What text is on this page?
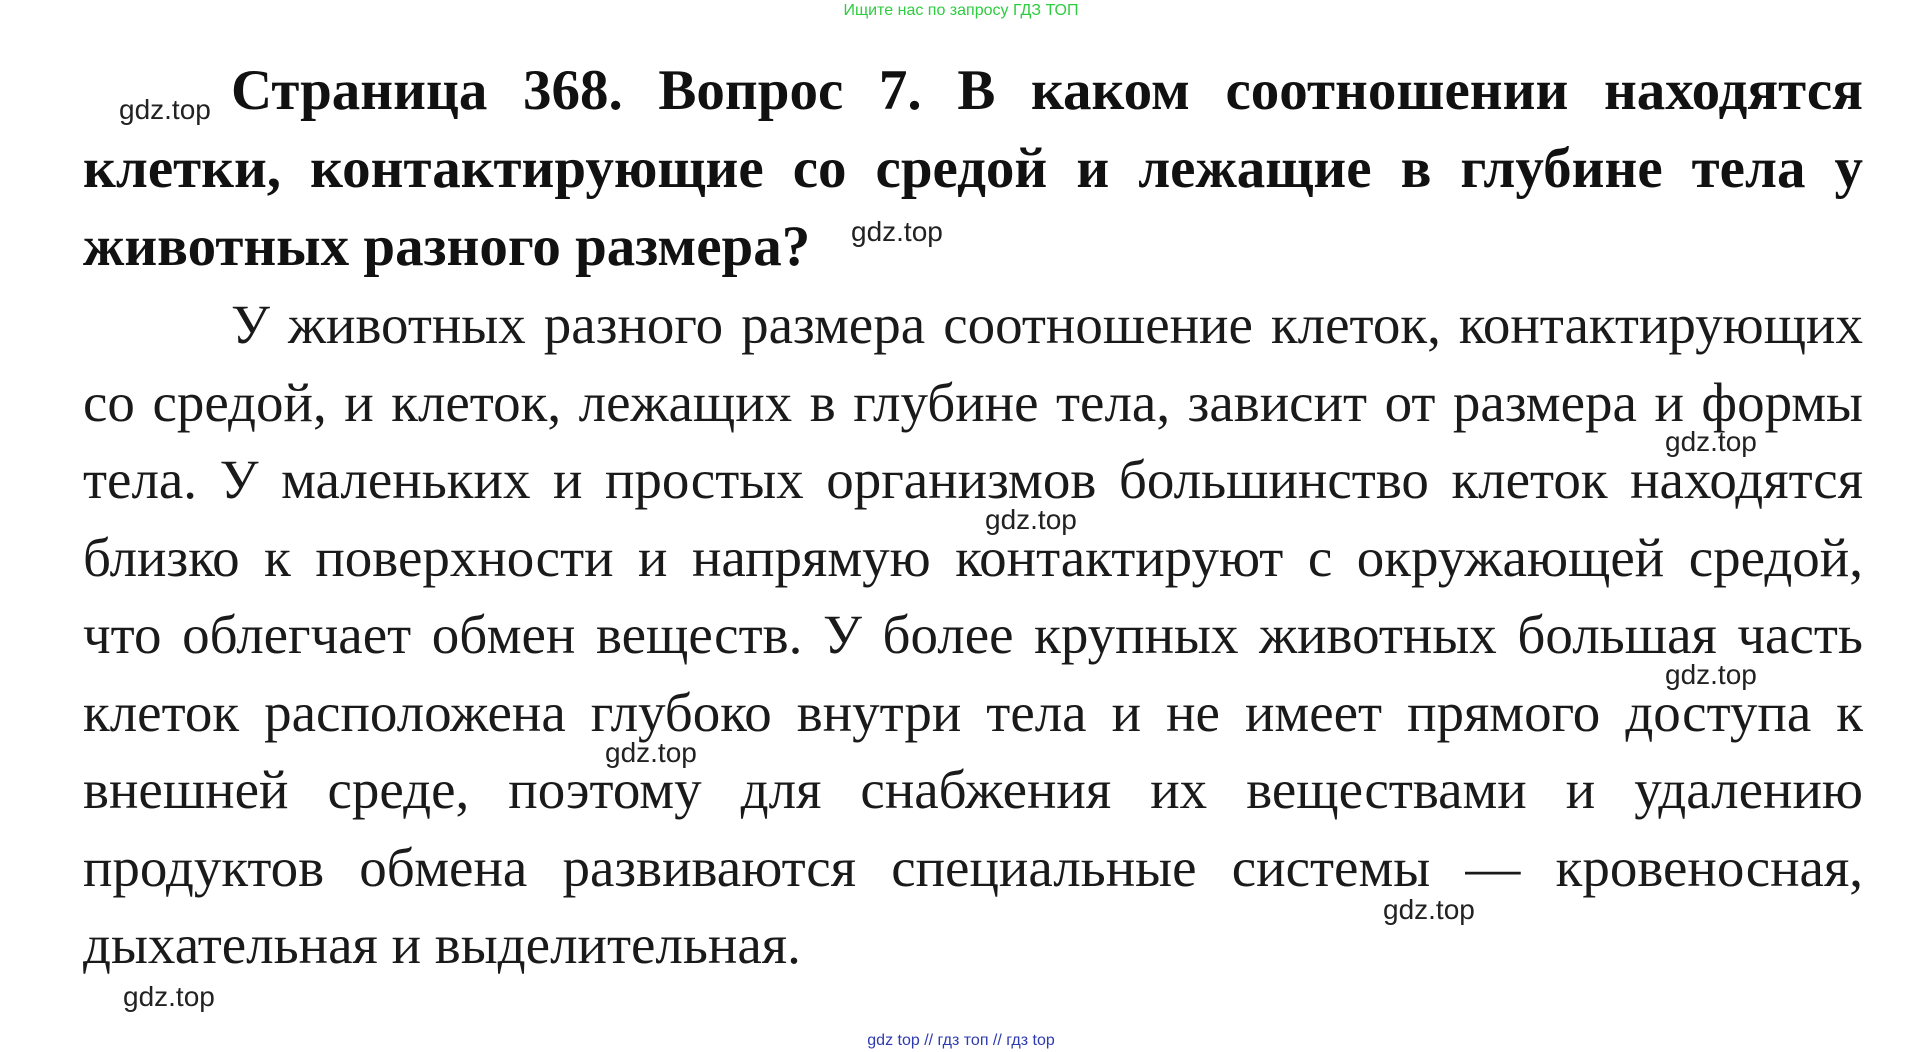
Ищите нас по запросу ГДЗ ТОП

Страница 368. Вопрос 7. В каком соотношении находятся клетки, контактирующие со средой и лежащие в глубине тела у животных разного размера?

У животных разного размера соотношение клеток, контактирующих со средой, и клеток, лежащих в глубине тела, зависит от размера и формы тела. У маленьких и простых организмов большинство клеток находятся близко к поверхности и напрямую контактируют с окружающей средой, что облегчает обмен веществ. У более крупных животных большая часть клеток расположена глубоко внутри тела и не имеет прямого доступа к внешней среде, поэтому для снабжения их веществами и удалению продуктов обмена развиваются специальные системы — кровеносная, дыхательная и выделительная.

gdz.top
gdz.top
gdz.top
gdz.top
gdz.top
gdz.top
gdz.top
gdz.top
gdz top // гдз топ // гдз top
